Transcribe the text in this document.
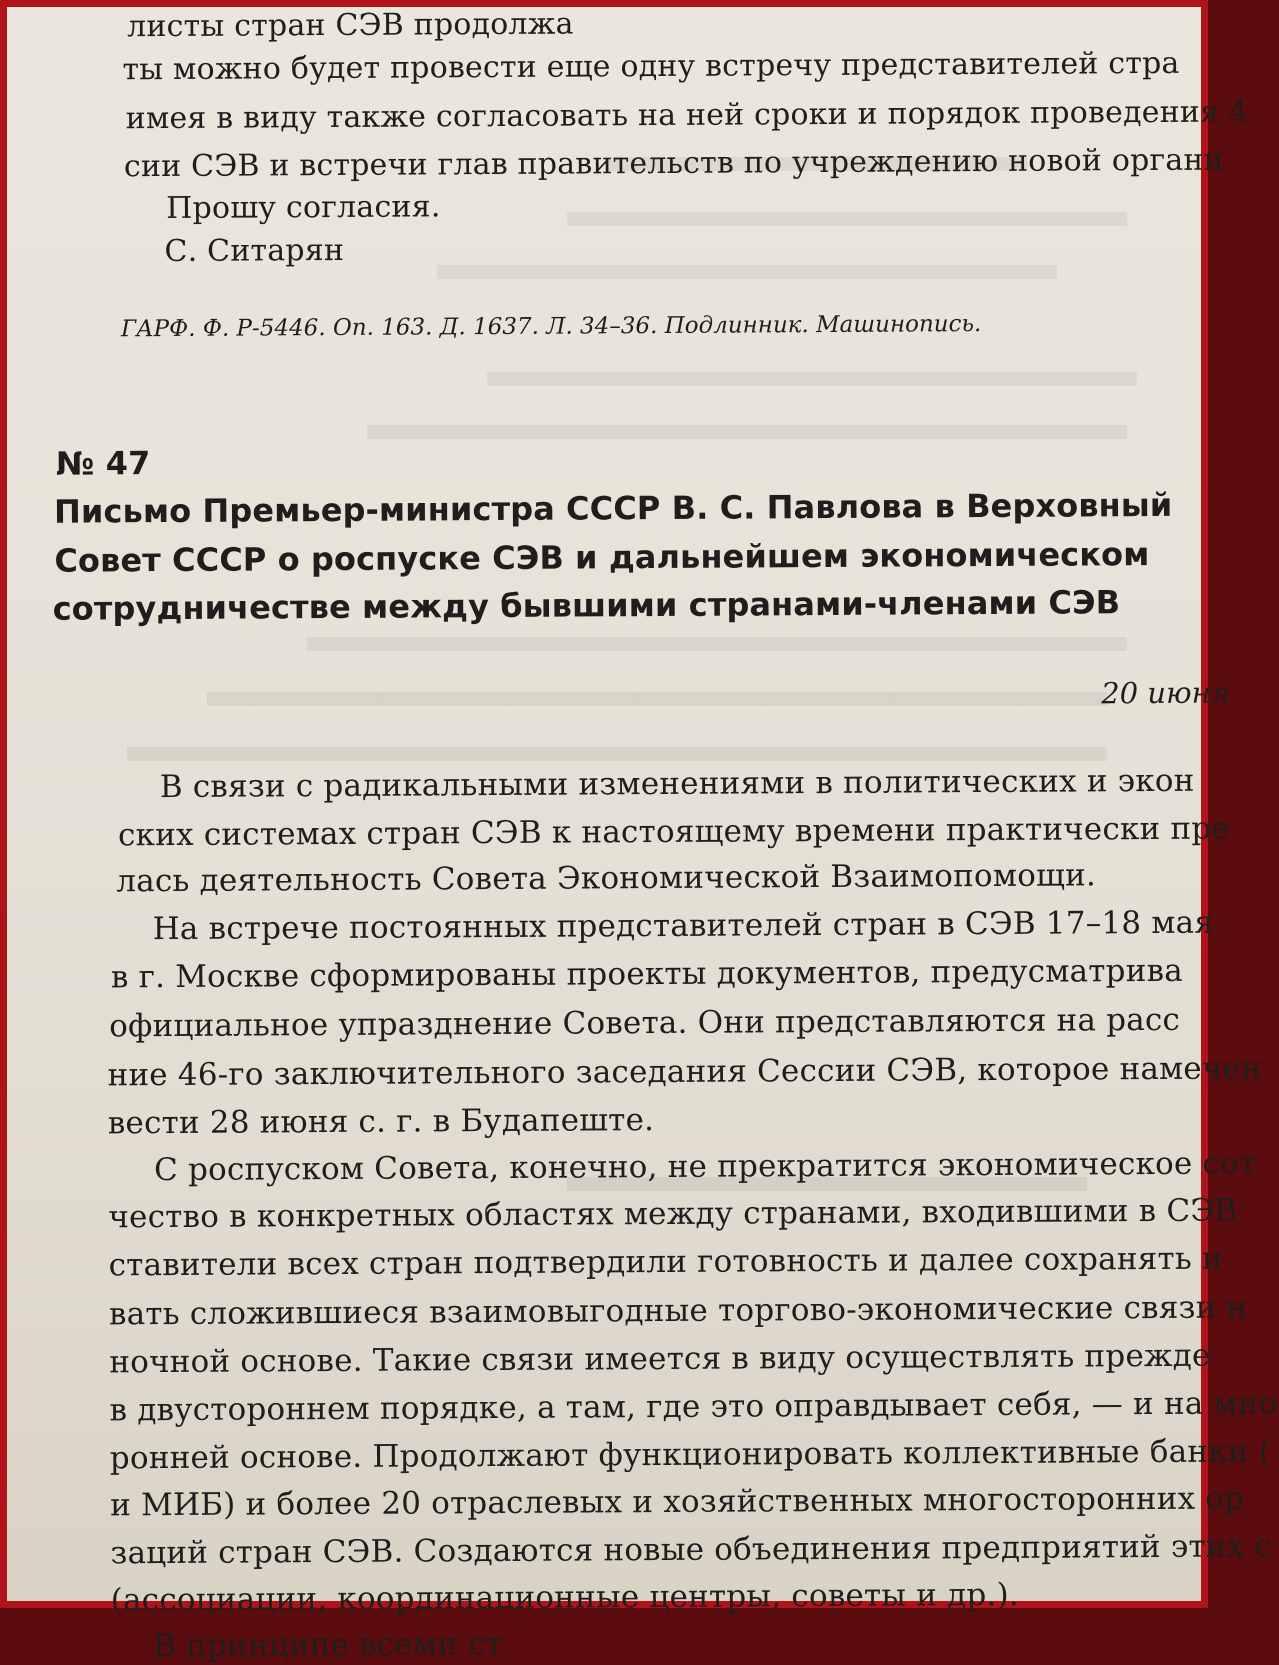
листы стран СЭВ продолжа
ты можно будет провести еще одну встречу представителей стра
имея в виду также согласовать на ней сроки и порядок проведения 4
сии СЭВ и встречи глав правительств по учреждению новой органи
Прошу согласия.
С. Ситарян
ГАРФ. Ф. Р-5446. Оп. 163. Д. 1637. Л. 34–36. Подлинник. Машинопись.
№ 47
Письмо Премьер-министра СССР В. С. Павлова в Верховный
Совет СССР о роспуске СЭВ и дальнейшем экономическом
сотрудничестве между бывшими странами-членами СЭВ
20 июня
В связи с радикальными изменениями в политических и экон
ских системах стран СЭВ к настоящему времени практически пре
лась деятельность Совета Экономической Взаимопомощи.
На встрече постоянных представителей стран в СЭВ 17–18 мая
в г. Москве сформированы проекты документов, предусматрива
официальное упразднение Совета. Они представляются на расс
ние 46-го заключительного заседания Сессии СЭВ, которое намечен
вести 28 июня с. г. в Будапеште.
С роспуском Совета, конечно, не прекратится экономическое сот
чество в конкретных областях между странами, входившими в СЭВ
ставители всех стран подтвердили готовность и далее сохранять и
вать сложившиеся взаимовыгодные торгово-экономические связи н
ночной основе. Такие связи имеется в виду осуществлять прежде
в двустороннем порядке, а там, где это оправдывает себя, — и на мно
ронней основе. Продолжают функционировать коллективные банки (
и МИБ) и более 20 отраслевых и хозяйственных многосторонних ор
заций стран СЭВ. Создаются новые объединения предприятий этих с
(ассоциации, координационные центры, советы и др.).
В принципе всеми ст
